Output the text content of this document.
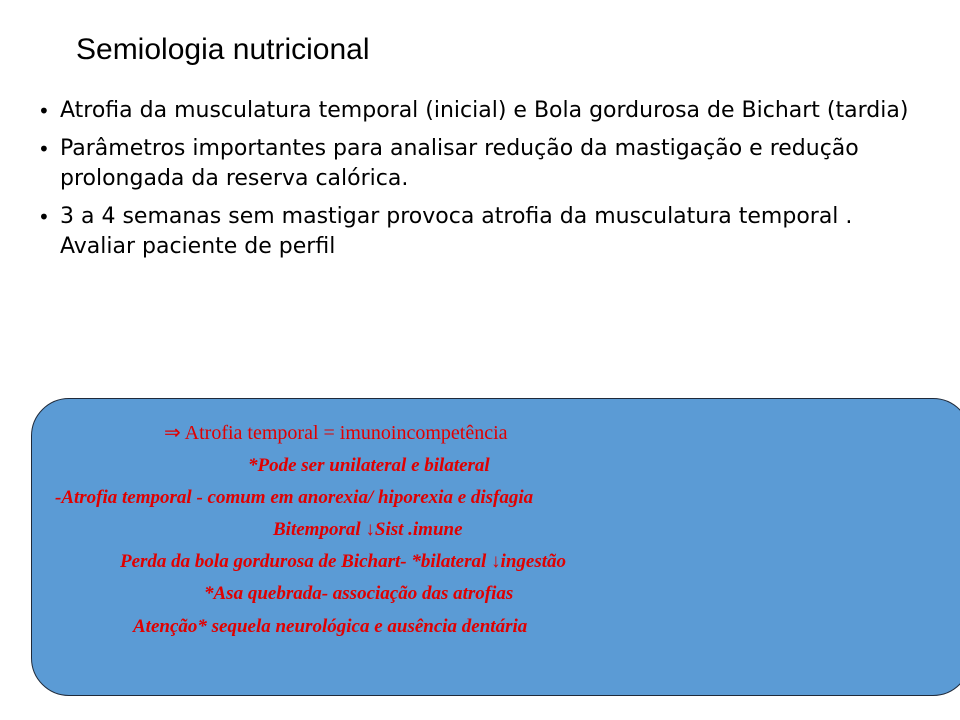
Semiologia nutricional
• Atrofia da musculatura temporal (inicial) e Bola gordurosa de Bichart (tardia)
• Parâmetros importantes para analisar redução da mastigação e redução prolongada da reserva calórica.
• 3 a 4 semanas sem mastigar provoca atrofia da musculatura temporal . Avaliar paciente de perfil
⇒ Atrofia temporal = imunoincompetência
*Pode ser unilateral e bilateral
-Atrofia temporal - comum em anorexia/ hiporexia e disfagia
Bitemporal ↓Sist .imune
Perda da bola gordurosa de Bichart- *bilateral ↓ingestão
*Asa quebrada- associação das atrofias
Atenção* sequela neurológica e ausência dentária
